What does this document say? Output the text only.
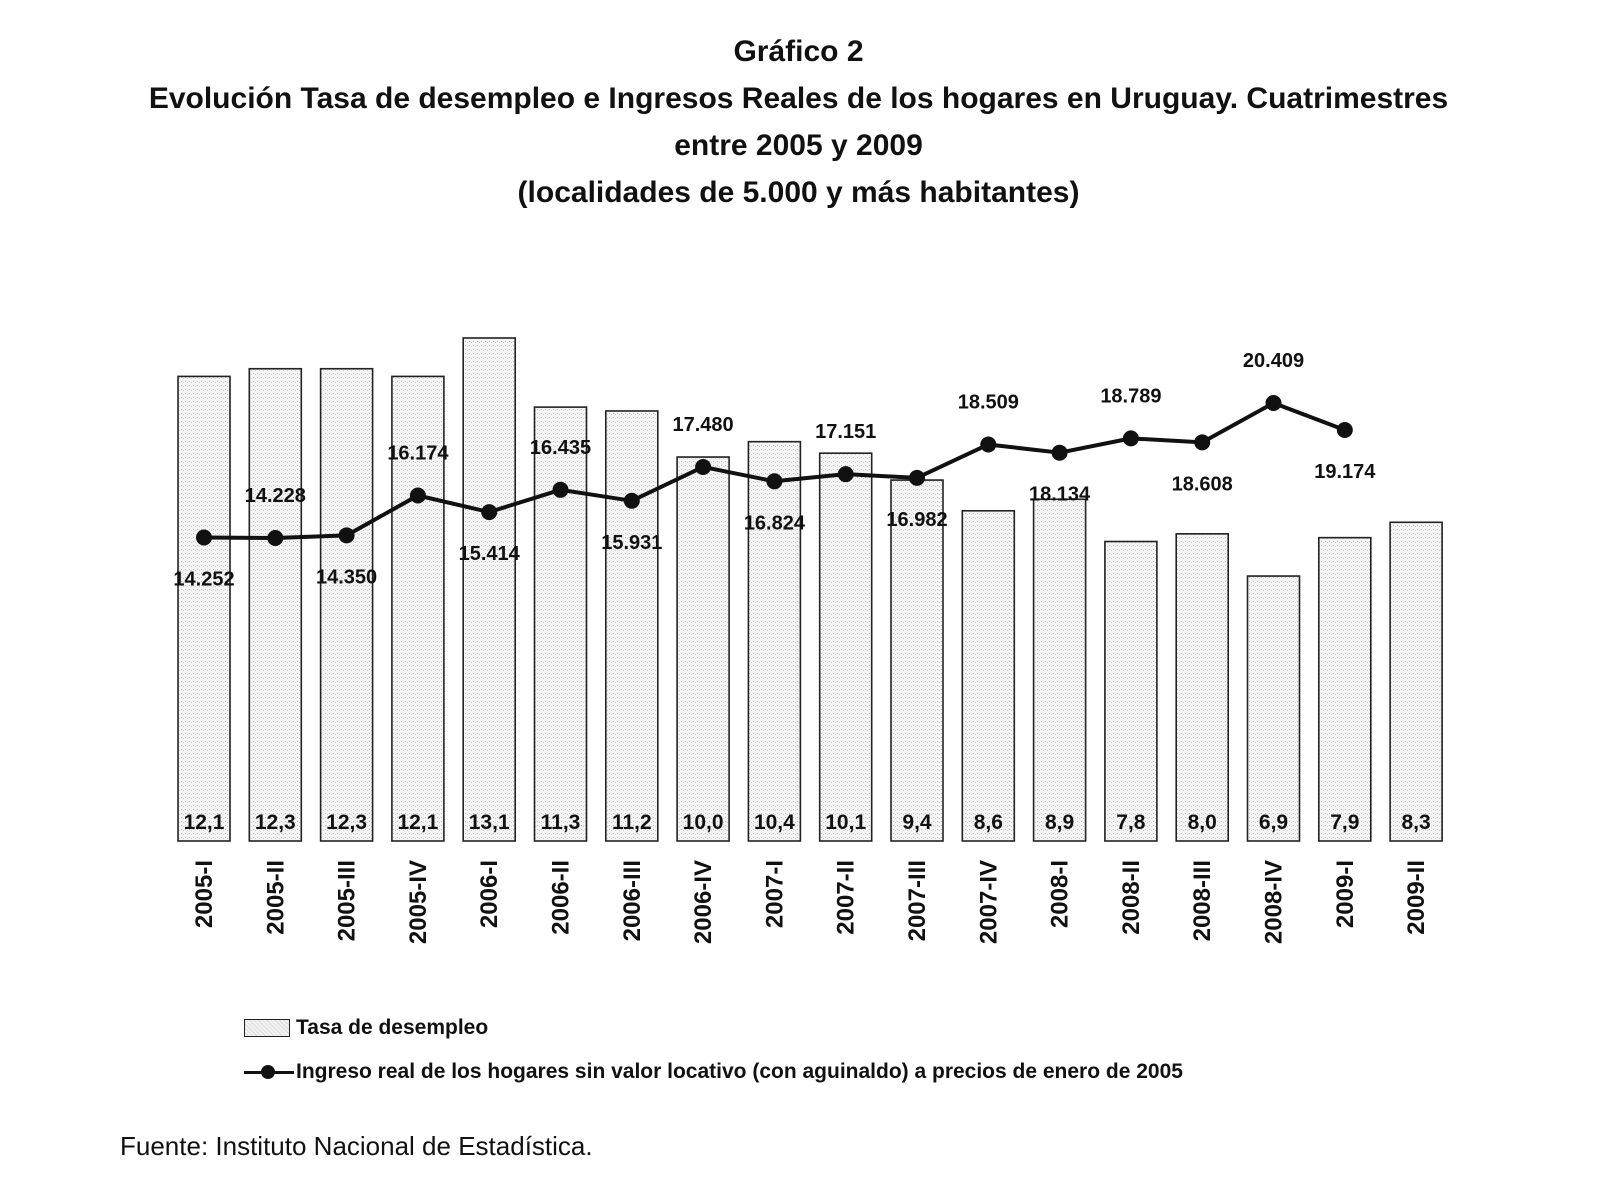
Gráfico 2
Evolución Tasa de desempleo e Ingresos Reales de los hogares en Uruguay. Cuatrimestres
entre 2005 y 2009
(localidades de 5.000 y más habitantes)
12,1 12,3 12,3 12,1 13,1 11,3 11,2 10,0 10,4 10,1 9,4 8,6 8,9 7,8 8,0 6,9 7,9 8,3
14.252
14.228
14.350
16.174
15.414
16.435
15.931
17.480
16.824
17.151
16.982
18.509
18.134
18.789
18.608
20.409
19.174
2005-I 2005-II 2005-III 2005-IV 2006-I 2006-II 2006-III 2006-IV 2007-I 2007-II 2007-III 2007-IV 2008-I 2008-II 2008-III 2008-IV 2009-I 2009-II
Tasa de desempleo
Ingreso real de los hogares sin valor locativo (con aguinaldo) a precios de enero de 2005
Fuente: Instituto Nacional de Estadística.
